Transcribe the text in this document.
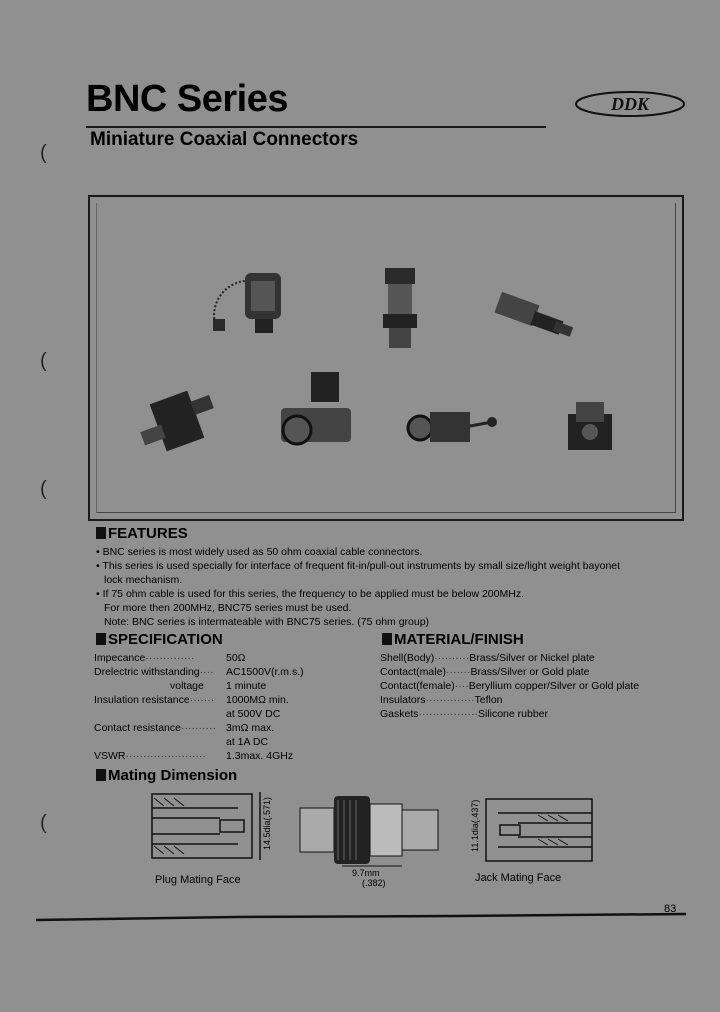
BNC Series
Miniature Coaxial Connectors
DDK
(
(
(
(
FEATURES

• BNC series is most widely used as 50 ohm coaxial cable connectors.

• This series is used specially for interface of frequent fit-in/pull-out instruments by small size/light weight bayonet

lock mechanism.

• If 75 ohm cable is used for this series, the frequency to be applied must be below 200MHz.

For more then 200MHz, BNC75 series must be used.

Note: BNC series is intermateable with BNC75 series. (75 ohm group)

SPECIFICATION
Impecance··············	50Ω
Drelectric withstanding···· AC1500V(r.m.s.)
voltage 1 minute
Insulation resistance······· 1000MΩ min.
at 500V DC
Contact resistance·········· 3mΩ max.
at 1A DC
VSWR······················· 1.3max. 4GHz
MATERIAL/FINISH
Shell(Body)··········Brass/Silver or Nickel plate
Contact(male)·······Brass/Silver or Gold plate
Contact(female)····Beryllium copper/Silver or Gold plate
Insulators··············Teflon
Gaskets·················Silicone rubber
Mating Dimension
14.5dia(.571)
Plug Mating Face
9.7mm
(.382)
11.1dia(.437)
Jack Mating Face
83
